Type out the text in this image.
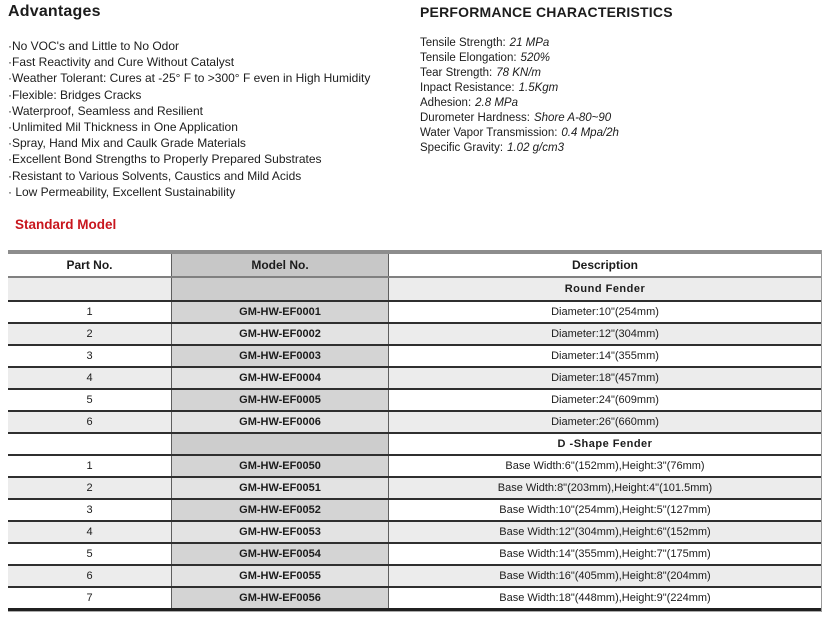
Advantages
·No VOC's and Little to No Odor
·Fast Reactivity and Cure Without Catalyst
·Weather Tolerant: Cures at -25° F to >300° F even in High Humidity
·Flexible: Bridges Cracks
·Waterproof, Seamless and Resilient
·Unlimited Mil Thickness in One Application
·Spray, Hand Mix and Caulk Grade Materials
·Excellent Bond Strengths to Properly Prepared Substrates
·Resistant to Various Solvents, Caustics and Mild Acids
· Low Permeability, Excellent Sustainability
PERFORMANCE CHARACTERISTICS
Tensile Strength: 21 MPa
Tensile Elongation: 520%
Tear Strength: 78 KN/m
Inpact Resistance: 1.5Kgm
Adhesion: 2.8 MPa
Durometer Hardness: Shore A-80~90
Water Vapor Transmission: 0.4 Mpa/2h
Specific Gravity: 1.02 g/cm3
Standard Model
Part No.	Model No.	Description
Round Fender
1	GM-HW-EF0001	Diameter:10"(254mm)
2	GM-HW-EF0002	Diameter:12"(304mm)
3	GM-HW-EF0003	Diameter:14"(355mm)
4	GM-HW-EF0004	Diameter:18"(457mm)
5	GM-HW-EF0005	Diameter:24"(609mm)
6	GM-HW-EF0006	Diameter:26"(660mm)
D -Shape Fender
1	GM-HW-EF0050	Base Width:6"(152mm),Height:3"(76mm)
2	GM-HW-EF0051	Base Width:8"(203mm),Height:4"(101.5mm)
3	GM-HW-EF0052	Base Width:10"(254mm),Height:5"(127mm)
4	GM-HW-EF0053	Base Width:12"(304mm),Height:6"(152mm)
5	GM-HW-EF0054	Base Width:14"(355mm),Height:7"(175mm)
6	GM-HW-EF0055	Base Width:16"(405mm),Height:8"(204mm)
7	GM-HW-EF0056	Base Width:18"(448mm),Height:9"(224mm)
